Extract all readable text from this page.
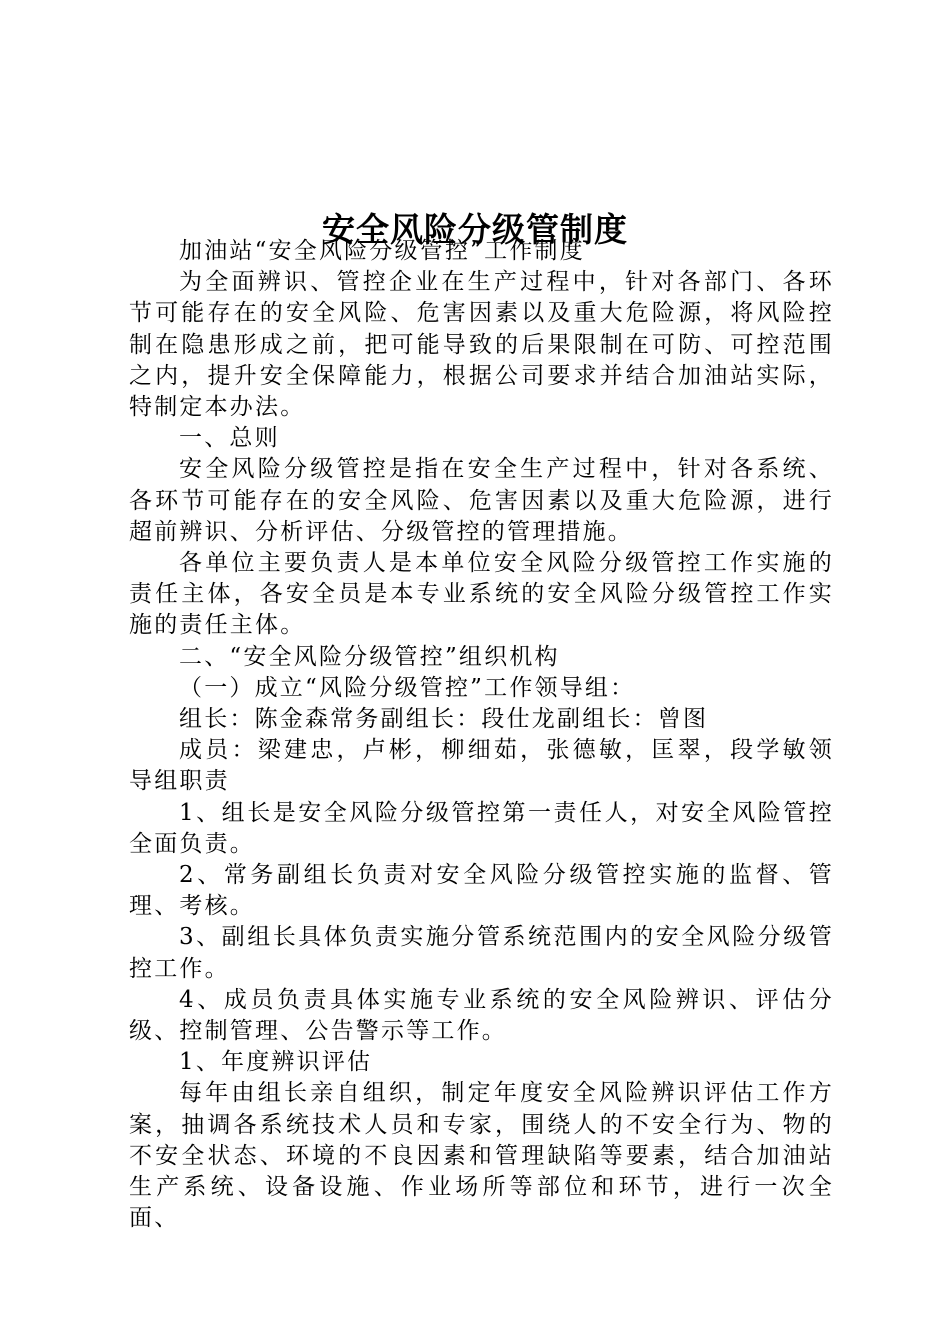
安全风险分级管制度

加油站“安全风险分级管控”工作制度

为全面辨识、管控企业在生产过程中，针对各部门、各环节可能存在的安全风险、危害因素以及重大危险源，将风险控制在隐患形成之前，把可能导致的后果限制在可防、可控范围之内，提升安全保障能力，根据公司要求并结合加油站实际，特制定本办法。

一、总则

安全风险分级管控是指在安全生产过程中，针对各系统、各环节可能存在的安全风险、危害因素以及重大危险源，进行超前辨识、分析评估、分级管控的管理措施。

各单位主要负责人是本单位安全风险分级管控工作实施的责任主体，各安全员是本专业系统的安全风险分级管控工作实施的责任主体。

二、“安全风险分级管控”组织机构

（一）成立“风险分级管控”工作领导组：

组长：陈金森常务副组长：段仕龙副组长：曾图

成员：梁建忠，卢彬，柳细茹，张德敏，匡翠，段学敏领导组职责

1、组长是安全风险分级管控第一责任人，对安全风险管控全面负责。

2、常务副组长负责对安全风险分级管控实施的监督、管理、考核。

3、副组长具体负责实施分管系统范围内的安全风险分级管控工作。

4、成员负责具体实施专业系统的安全风险辨识、评估分级、控制管理、公告警示等工作。

1、年度辨识评估

每年由组长亲自组织，制定年度安全风险辨识评估工作方案，抽调各系统技术人员和专家，围绕人的不安全行为、物的不安全状态、环境的不良因素和管理缺陷等要素，结合加油站生产系统、设备设施、作业场所等部位和环节，进行一次全面、
